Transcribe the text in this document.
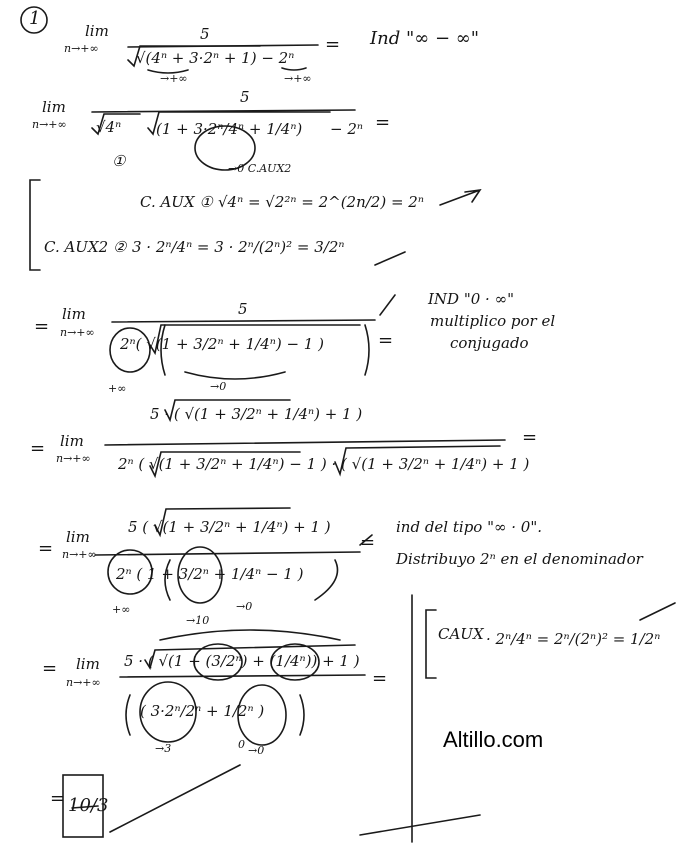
1
lim
n→+∞
5
√(4ⁿ + 3·2ⁿ + 1) − 2ⁿ
→+∞	→+∞
= Ind "∞ − ∞"
lim
n→+∞
5
√4ⁿ (1 + 3·2ⁿ/4ⁿ + 1/4ⁿ) − 2ⁿ =
→0 C.AUX2
①
C. AUX ① √4ⁿ = √2²ⁿ = 2^(2n/2) = 2ⁿ
C. AUX2 ② 3 · 2ⁿ/4ⁿ = 3 · 2ⁿ/(2ⁿ)² = 3/2ⁿ
=
lim
n→+∞
5
2ⁿ( √(1 + 3/2ⁿ + 1/4ⁿ) − 1 )	=
+∞	→0
IND "0 · ∞"
multiplico por el
conjugado
= lim
n→+∞
5 · ( √(1 + 3/2ⁿ + 1/4ⁿ) + 1 )
2ⁿ ( √(1 + 3/2ⁿ + 1/4ⁿ) − 1 ) · ( √(1 + 3/2ⁿ + 1/4ⁿ) + 1 )
=
=
lim
n→+∞
5 ( √(1 + 3/2ⁿ + 1/4ⁿ) + 1 )
2ⁿ ( 1 + 3/2ⁿ + 1/4ⁿ − 1 )
=
+∞	→0
ind del tipo "∞ · 0".
Distribuyo 2ⁿ en el denominador
CAUX · 2ⁿ/4ⁿ = 2ⁿ/(2ⁿ)² = 1/2ⁿ
= lim
n→+∞
5 · ( √(1 + (3/2ⁿ) + (1/4ⁿ)) + 1 )
( 3·2ⁿ/2ⁿ + 1/2ⁿ )
→10
→3	0 →0
=
= 10/3
Altillo.com
